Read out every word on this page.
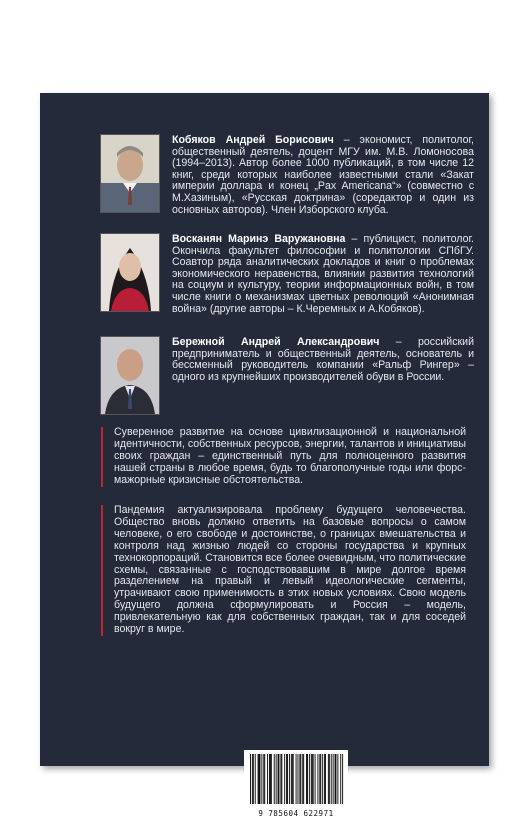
Кобяков Андрей Борисович – экономист, политолог, общественный деятель, доцент МГУ им. М.В. Ломоносова (1994–2013). Автор более 1000 публикаций, в том числе 12 книг, среди которых наиболее известными стали «Закат империи доллара и конец „Pax Americana“» (совместно с М.Хазиным), «Русская доктрина» (соредактор и один из основных авторов). Член Изборского клуба.

Восканян Маринэ Варужановна – публицист, политолог. Окончила факультет философии и политологии СПбГУ. Соавтор ряда аналитических докладов и книг о проблемах экономического неравенства, влиянии развития технологий на социум и культуру, теории информационных войн, в том числе книги о механизмах цветных революций «Анонимная война» (другие авторы – К.Черемных и А.Кобяков).

Бережной Андрей Александрович – российский предприниматель и общественный деятель, основатель и бессменный руководитель компании «Ральф Рингер» – одного из крупнейших производителей обуви в России.

Суверенное развитие на основе цивилизационной и национальной идентичности, собственных ресурсов, энергии, талантов и инициативы своих граждан – единственный путь для полноценного развития нашей страны в любое время, будь то благополучные годы или форс-мажорные кризисные обстоятельства.

Пандемия актуализировала проблему будущего человечества. Общество вновь должно ответить на базовые вопросы о самом человеке, о его свободе и достоинстве, о границах вмешательства и контроля над жизнью людей со стороны государства и крупных технокорпораций. Становится все более очевидным, что политические схемы, связанные с господствовавшим в мире долгое время разделением на правый и левый идеологические сегменты, утрачивают свою применимость в этих новых условиях. Свою модель будущего должна сформулировать и Россия – модель, привлекательную как для собственных граждан, так и для соседей вокруг в мире.

9 785604 622971
